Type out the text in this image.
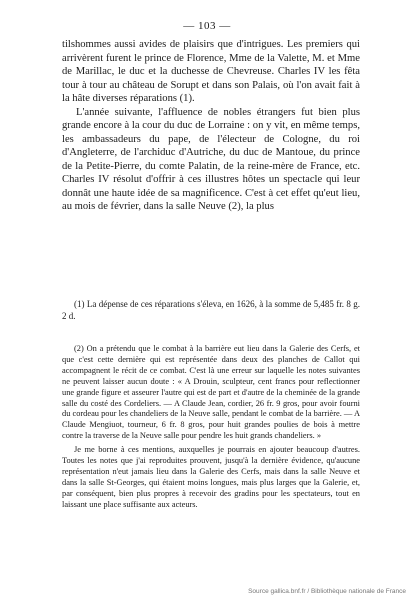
— 103 —

tilshommes aussi avides de plaisirs que d'intrigues. Les premiers qui arrivèrent furent le prince de Florence, Mme de la Valette, M. et Mme de Marillac, le duc et la duchesse de Chevreuse. Charles IV les fêta tour à tour au château de Sorupt et dans son Palais, où l'on avait fait à la hâte diverses réparations (1).

L'année suivante, l'affluence de nobles étrangers fut bien plus grande encore à la cour du duc de Lorraine : on y vit, en même temps, les ambassadeurs du pape, de l'électeur de Cologne, du roi d'Angleterre, de l'archiduc d'Autriche, du duc de Mantoue, du prince de la Petite-Pierre, du comte Palatin, de la reine-mère de France, etc. Charles IV résolut d'offrir à ces illustres hôtes un spectacle qui leur donnât une haute idée de sa magnificence. C'est à cet effet qu'eut lieu, au mois de février, dans la salle Neuve (2), la plus

(1) La dépense de ces réparations s'éleva, en 1626, à la somme de 5,485 fr. 8 g. 2 d.

(2) On a prétendu que le combat à la barrière eut lieu dans la Galerie des Cerfs, et que c'est cette dernière qui est représentée dans deux des planches de Callot qui accompagnent le récit de ce combat. C'est là une erreur sur laquelle les notes suivantes ne peuvent laisser aucun doute : « A Drouin, sculpteur, cent francs pour reflectionner une grande figure et asseurer l'autre qui est de part et d'autre de la cheminée de la grande salle du costé des Cordeliers. — A Claude Jean, cordier, 26 fr. 9 gros, pour avoir fourni du cordeau pour les chandeliers de la Neuve salle, pendant le combat de la barrière. — A Claude Mengiuot, tourneur, 6 fr. 8 gros, pour huit grandes poulies de bois à mettre contre la traverse de la Neuve salle pour pendre les huit grands chandeliers. »

Je me borne à ces mentions, auxquelles je pourrais en ajouter beaucoup d'autres. Toutes les notes que j'ai reproduites prouvent, jusqu'à la dernière évidence, qu'aucune représentation n'eut jamais lieu dans la Galerie des Cerfs, mais dans la salle Neuve et dans la salle St-Georges, qui étaient moins longues, mais plus larges que la Galerie, et, par conséquent, bien plus propres à recevoir des gradins pour les spectateurs, tout en laissant une place suffisante aux acteurs.

Source gallica.bnf.fr / Bibliothèque nationale de France
